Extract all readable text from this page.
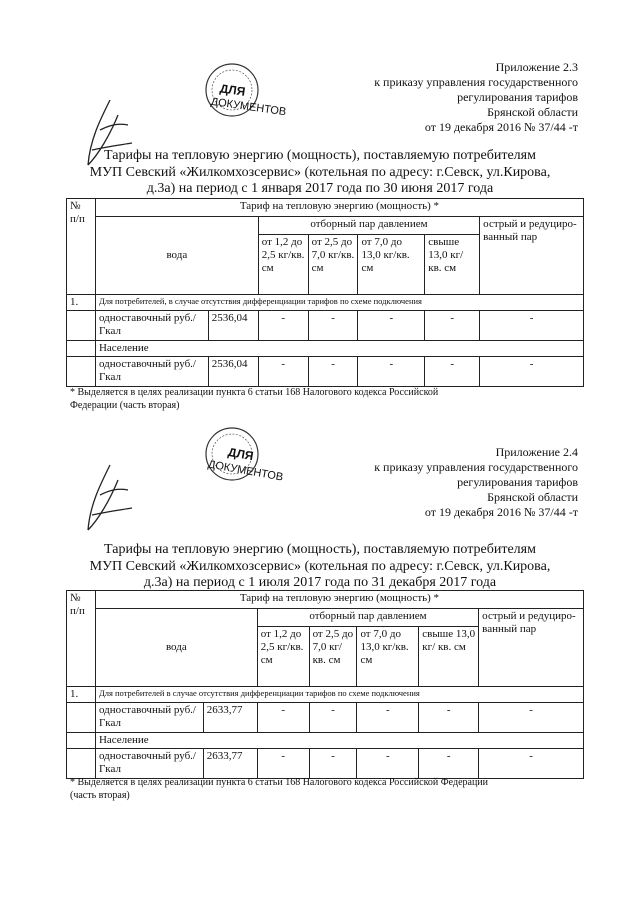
ДЛЯ
ДОКУМЕНТОВ
Приложение 2.3
к приказу управления государственного
регулирования тарифов
Брянской области
от 19 декабря 2016 № 37/44 -т
Тарифы на тепловую энергию (мощность), поставляемую потребителям
МУП Севский «Жилкомхозсервис» (котельная по адресу: г.Севск, ул.Кирова,
д.3а) на период с 1 января 2017 года по 30 июня 2017 года
№ п/п	Тариф на тепловую энергию (мощность) *						
	вода		отборный пар давлением				острый и редуциро-ванный пар
			от 1,2 до 2,5 кг/кв. см	от 2,5 до 7,0 кг/кв. см	от 7,0 до 13,0 кг/кв. см	свыше 13,0 кг/кв. см	
1.	Для потребителей, в случае отсутствия дифференциации тарифов по схеме подключения						
	одноставочный руб./Гкал	2536,04	-	-	-	-	-
	Население						
	одноставочный руб./Гкал	2536,04	-	-	-	-	-
* Выделяется в целях реализации пункта 6 статьи 168 Налогового кодекса Российской
Федерации (часть вторая)
ДЛЯ
ДОКУМЕНТОВ
Приложение 2.4
к приказу управления государственного
регулирования тарифов
Брянской области
от 19 декабря 2016 № 37/44 -т
Тарифы на тепловую энергию (мощность), поставляемую потребителям
МУП Севский «Жилкомхозсервис» (котельная по адресу: г.Севск, ул.Кирова,
д.3а) на период с 1 июля 2017 года по 31 декабря 2017 года
№ п/п	Тариф на тепловую энергию (мощность) *						
	вода		отборный пар давлением				острый и редуциро-ванный пар
			от 1,2 до 2,5 кг/кв. см	от 2,5 до 7,0 кг/кв. см	от 7,0 до 13,0 кг/кв. см	свыше 13,0 кг/ кв. см	
1.	Для потребителей в случае отсутствия дифференциации тарифов по схеме подключения						
	одноставочный руб./Гкал	2633,77	-	-	-	-	-
	Население						
	одноставочный руб./Гкал	2633,77	-	-	-	-	-
* Выделяется в целях реализации пункта 6 статьи 168 Налогового кодекса Российской Федерации
(часть вторая)
